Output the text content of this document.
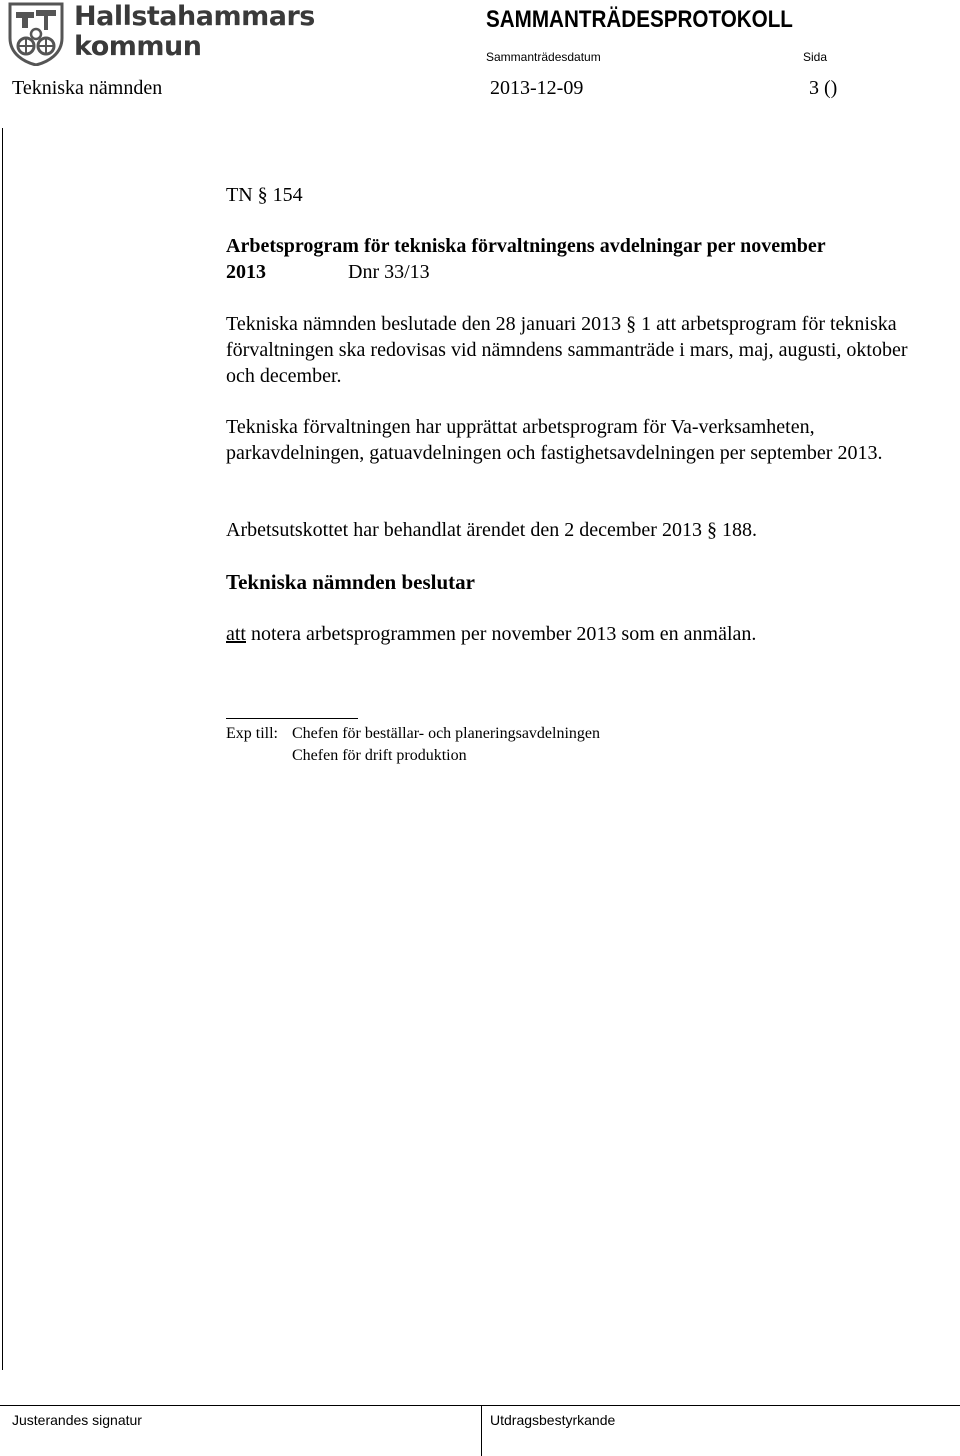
Hallstahammars
kommun
SAMMANTRÄDESPROTOKOLL
Sammanträdesdatum	Sida
Tekniska nämnden	2013-12-09	3 ()
TN § 154
Arbetsprogram för tekniska förvaltningens avdelningar per november 2013	Dnr 33/13
Tekniska nämnden beslutade den 28 januari 2013 § 1 att arbetsprogram för tekniska förvaltningen ska redovisas vid nämndens sammanträde i mars, maj, augusti, oktober och december.
Tekniska förvaltningen har upprättat arbetsprogram för Va-verksamheten, parkavdelningen, gatuavdelningen och fastighetsavdelningen per september 2013.
Arbetsutskottet har behandlat ärendet den 2 december 2013 § 188.
Tekniska nämnden beslutar
att notera arbetsprogrammen per november 2013 som en anmälan.
Exp till: Chefen för beställar- och planeringsavdelningen
Chefen för drift produktion
Justerandes signatur	Utdragsbestyrkande
